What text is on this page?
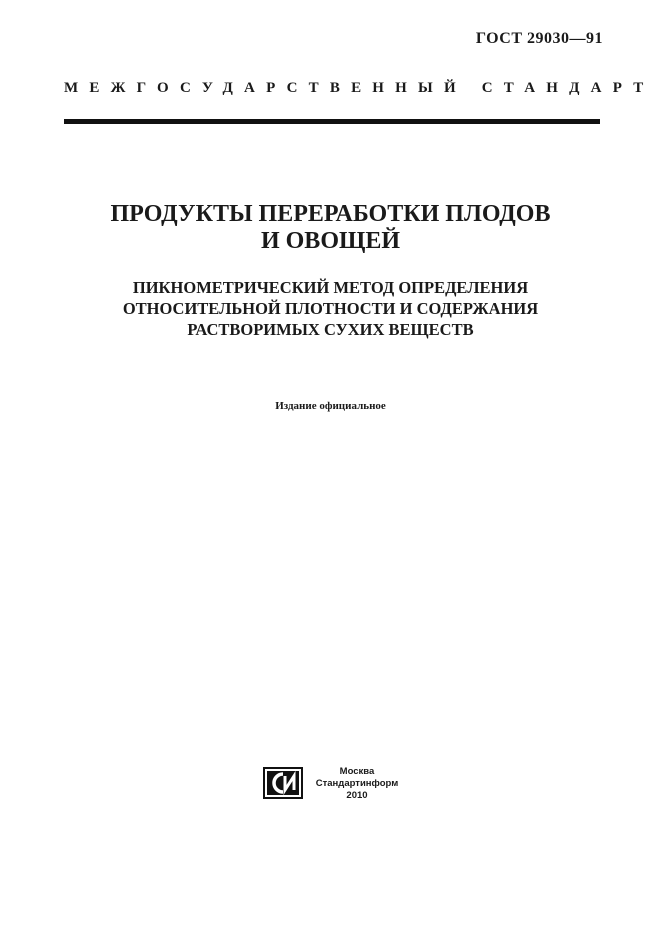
ГОСТ 29030—91
МЕЖГОСУДАРСТВЕННЫЙ СТАНДАРТ
ПРОДУКТЫ ПЕРЕРАБОТКИ ПЛОДОВ
И ОВОЩЕЙ
ПИКНОМЕТРИЧЕСКИЙ МЕТОД ОПРЕДЕЛЕНИЯ
ОТНОСИТЕЛЬНОЙ ПЛОТНОСТИ И СОДЕРЖАНИЯ
РАСТВОРИМЫХ СУХИХ ВЕЩЕСТВ
Издание официальное
Москва
Стандартинформ
2010
